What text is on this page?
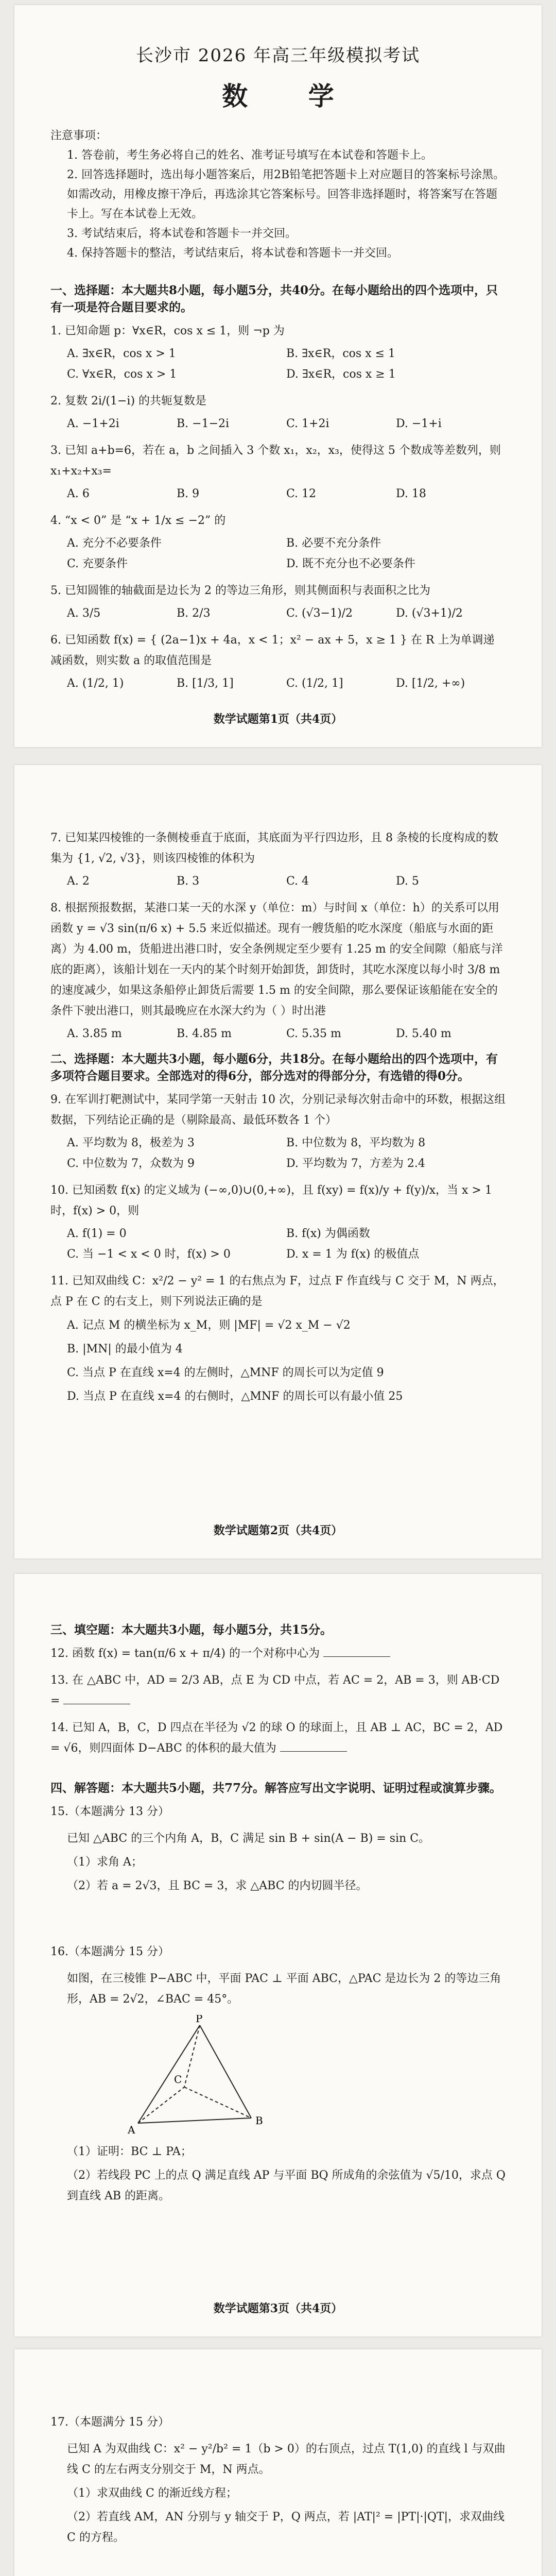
长沙市 2026 年高三年级模拟考试
数 学

注意事项：

1. 答卷前，考生务必将自己的姓名、准考证号填写在本试卷和答题卡上。

2. 回答选择题时，选出每小题答案后，用2B铅笔把答题卡上对应题目的答案标号涂黑。如需改动，用橡皮擦干净后，再选涂其它答案标号。回答非选择题时，将答案写在答题卡上。写在本试卷上无效。

3. 考试结束后，将本试卷和答题卡一并交回。

4. 保持答题卡的整洁，考试结束后，将本试卷和答题卡一并交回。

一、选择题：本大题共8小题，每小题5分，共40分。在每小题给出的四个选项中，只有一项是符合题目要求的。

1. 已知命题 p：∀x∈R，cos x ≤ 1，则 ¬p 为

A. ∃x∈R，cos x > 1	B. ∃x∈R，cos x ≤ 1
C. ∀x∈R，cos x > 1	D. ∃x∈R，cos x ≥ 1

2. 复数 2i/(1−i) 的共轭复数是

A. −1+2i	B. −1−2i	C. 1+2i	D. −1+i

3. 已知 a+b=6，若在 a，b 之间插入 3 个数 x₁，x₂，x₃，使得这 5 个数成等差数列，则 x₁+x₂+x₃=

A. 6	B. 9	C. 12	D. 18

4. “x < 0” 是 “x + 1/x ≤ −2” 的

A. 充分不必要条件	B. 必要不充分条件
C. 充要条件	D. 既不充分也不必要条件

5. 已知圆锥的轴截面是边长为 2 的等边三角形，则其侧面积与表面积之比为

A. 3/5	B. 2/3	C. (√3−1)/2	D. (√3+1)/2

6. 已知函数 f(x) = { (2a−1)x + 4a，x < 1；x² − ax + 5，x ≥ 1 } 在 R 上为单调递减函数，则实数 a 的取值范围是

A. (1/2, 1)	B. [1/3, 1]	C. (1/2, 1]	D. [1/2, +∞)
数学试题第1页（共4页）

7. 已知某四棱锥的一条侧棱垂直于底面，其底面为平行四边形，且 8 条棱的长度构成的数集为 {1, √2, √3}，则该四棱锥的体积为

A. 2	B. 3	C. 4	D. 5

8. 根据预报数据，某港口某一天的水深 y（单位：m）与时间 x（单位：h）的关系可以用函数 y = √3 sin(π/6 x) + 5.5 来近似描述。现有一艘货船的吃水深度（船底与水面的距离）为 4.00 m，货船进出港口时，安全条例规定至少要有 1.25 m 的安全间隙（船底与洋底的距离），该船计划在一天内的某个时刻开始卸货，卸货时，其吃水深度以每小时 3/8 m 的速度减少，如果这条船停止卸货后需要 1.5 m 的安全间隙，那么要保证该船能在安全的条件下驶出港口，则其最晚应在水深大约为（ ）时出港

A. 3.85 m	B. 4.85 m	C. 5.35 m	D. 5.40 m

二、选择题：本大题共3小题，每小题6分，共18分。在每小题给出的四个选项中，有多项符合题目要求。全部选对的得6分，部分选对的得部分分，有选错的得0分。

9. 在军训打靶测试中，某同学第一天射击 10 次，分别记录每次射击命中的环数，根据这组数据，下列结论正确的是（剔除最高、最低环数各 1 个）

A. 平均数为 8，极差为 3	B. 中位数为 8，平均数为 8
C. 中位数为 7，众数为 9	D. 平均数为 7，方差为 2.4

10. 已知函数 f(x) 的定义域为 (−∞,0)∪(0,+∞)，且 f(xy) = f(x)/y + f(y)/x，当 x > 1 时，f(x) > 0，则

A. f(1) = 0	B. f(x) 为偶函数
C. 当 −1 < x < 0 时，f(x) > 0	D. x = 1 为 f(x) 的极值点

11. 已知双曲线 C：x²/2 − y² = 1 的右焦点为 F，过点 F 作直线与 C 交于 M，N 两点，点 P 在 C 的右支上，则下列说法正确的是

A. 记点 M 的横坐标为 x_M，则 |MF| = √2 x_M − √2

B. |MN| 的最小值为 4

C. 当点 P 在直线 x=4 的左侧时，△MNF 的周长可以为定值 9

D. 当点 P 在直线 x=4 的右侧时，△MNF 的周长可以有最小值 25

数学试题第2页（共4页）

三、填空题：本大题共3小题，每小题5分，共15分。

12. 函数 f(x) = tan(π/6 x + π/4) 的一个对称中心为

13. 在 △ABC 中，AD = 2/3 AB，点 E 为 CD 中点，若 AC = 2，AB = 3，则 AB·CD =

14. 已知 A，B，C，D 四点在半径为 √2 的球 O 的球面上，且 AB ⊥ AC，BC = 2，AD = √6，则四面体 D−ABC 的体积的最大值为

四、解答题：本大题共5小题，共77分。解答应写出文字说明、证明过程或演算步骤。

15.（本题满分 13 分）

已知 △ABC 的三个内角 A，B，C 满足 sin B + sin(A − B) = sin C。

（1）求角 A；

（2）若 a = 2√3，且 BC = 3，求 △ABC 的内切圆半径。

16.（本题满分 15 分）

如图，在三棱锥 P−ABC 中，平面 PAC ⊥ 平面 ABC，△PAC 是边长为 2 的等边三角形，AB = 2√2，∠BAC = 45°。

P
A
B
C

（1）证明：BC ⊥ PA；

（2）若线段 PC 上的点 Q 满足直线 AP 与平面 BQ 所成角的余弦值为 √5/10，求点 Q 到直线 AB 的距离。

数学试题第3页（共4页）

17.（本题满分 15 分）

已知 A 为双曲线 C：x² − y²/b² = 1（b > 0）的右顶点，过点 T(1,0) 的直线 l 与双曲线 C 的左右两支分别交于 M，N 两点。

（1）求双曲线 C 的渐近线方程；

（2）若直线 AM，AN 分别与 y 轴交于 P，Q 两点，若 |AT|² = |PT|·|QT|，求双曲线 C 的方程。
